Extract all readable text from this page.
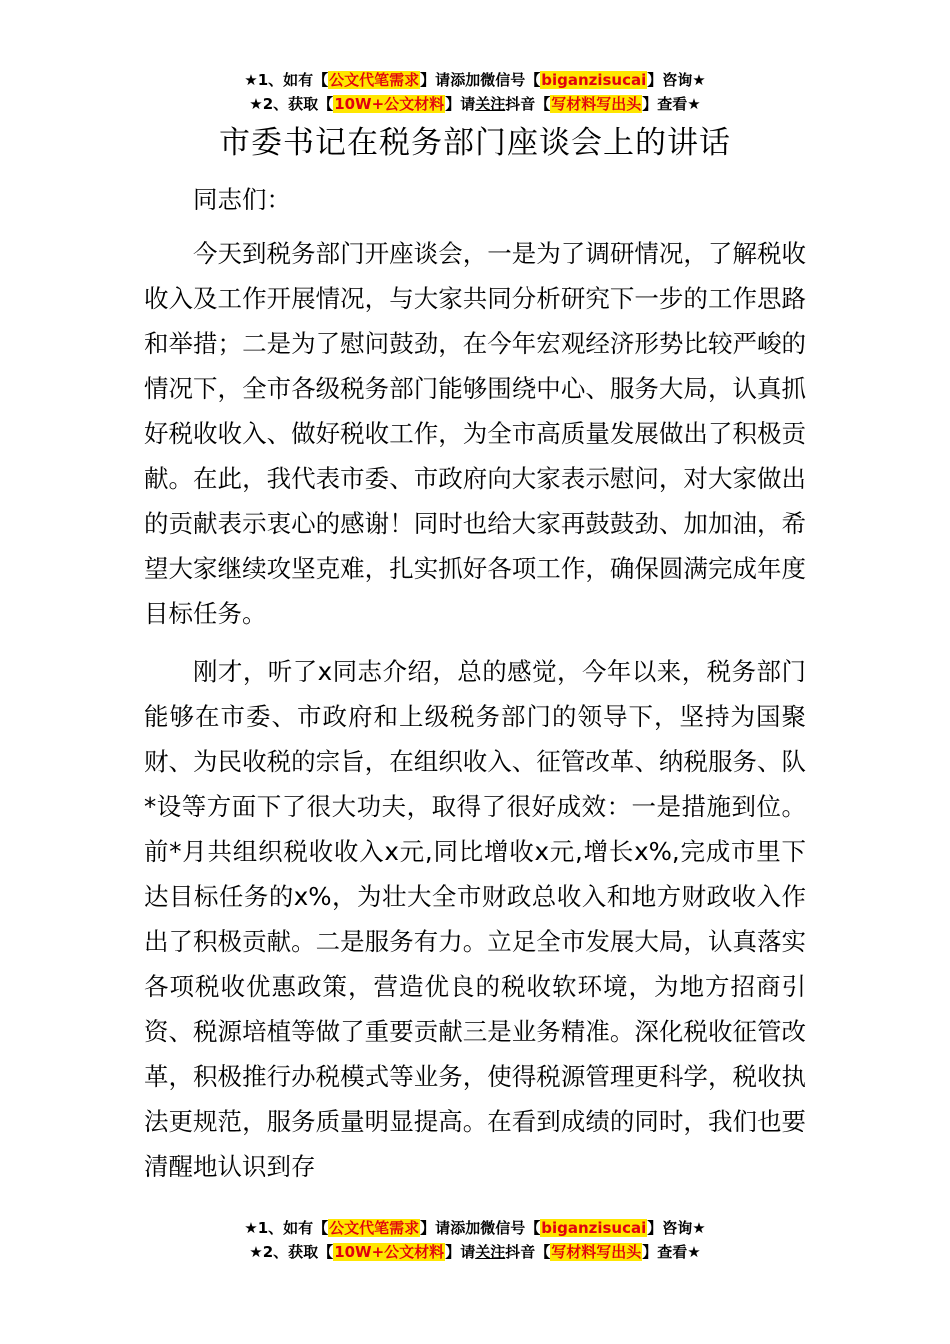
★1、如有【公文代笔需求】请添加微信号【biganzisucai】咨询★
★2、获取【10W+公文材料】请关注抖音【写材料写出头】查看★
市委书记在税务部门座谈会上的讲话

同志们：

今天到税务部门开座谈会，一是为了调研情况，了解税收收入及工作开展情况，与大家共同分析研究下一步的工作思路和举措；二是为了慰问鼓劲，在今年宏观经济形势比较严峻的情况下，全市各级税务部门能够围绕中心、服务大局，认真抓好税收收入、做好税收工作，为全市高质量发展做出了积极贡献。在此，我代表市委、市政府向大家表示慰问，对大家做出的贡献表示衷心的感谢！同时也给大家再鼓鼓劲、加加油，希望大家继续攻坚克难，扎实抓好各项工作，确保圆满完成年度目标任务。

刚才，听了x同志介绍，总的感觉，今年以来，税务部门能够在市委、市政府和上级税务部门的领导下，坚持为国聚财、为民收税的宗旨，在组织收入、征管改革、纳税服务、队*设等方面下了很大功夫，取得了很好成效：一是措施到位。前*月共组织税收收入x元,同比增收x元,增长x%,完成市里下达目标任务的x%，为壮大全市财政总收入和地方财政收入作出了积极贡献。二是服务有力。立足全市发展大局，认真落实各项税收优惠政策，营造优良的税收软环境，为地方招商引资、税源培植等做了重要贡献三是业务精准。深化税收征管改革，积极推行办税模式等业务，使得税源管理更科学，税收执法更规范，服务质量明显提高。在看到成绩的同时，我们也要清醒地认识到存

★1、如有【公文代笔需求】请添加微信号【biganzisucai】咨询★
★2、获取【10W+公文材料】请关注抖音【写材料写出头】查看★
